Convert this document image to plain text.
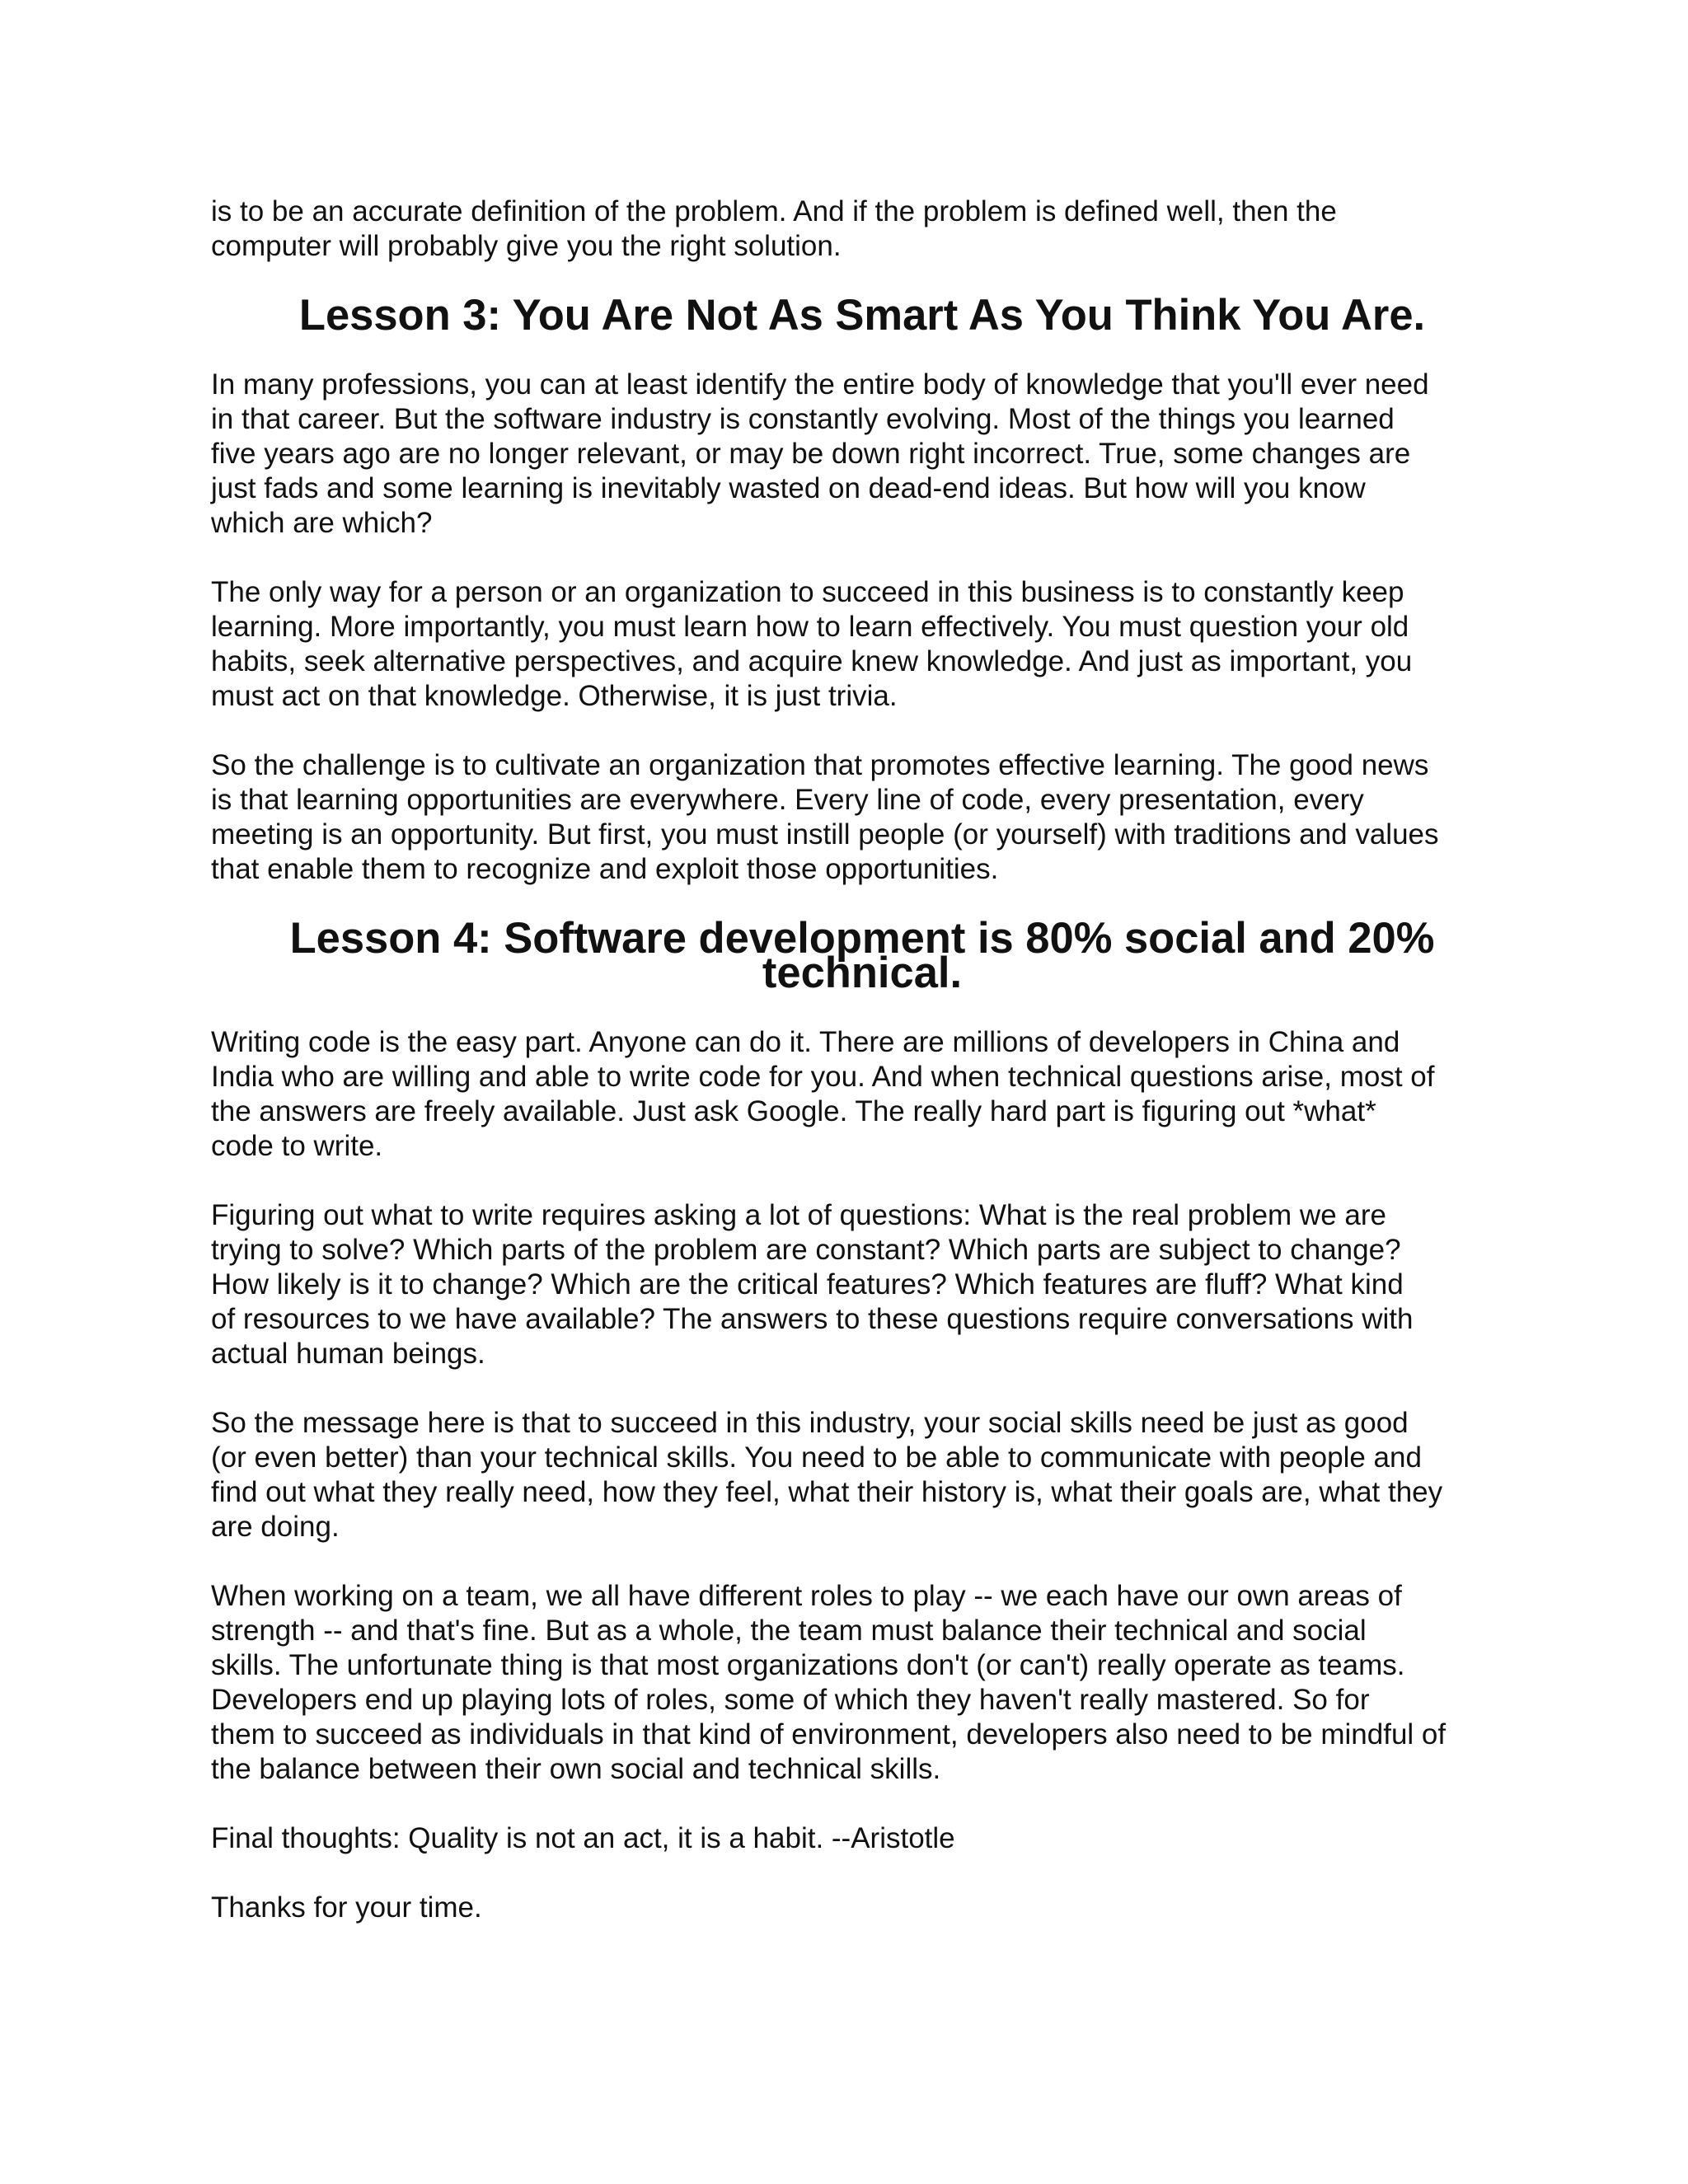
is to be an accurate definition of the problem. And if the problem is defined well, then the
computer will probably give you the right solution.

Lesson 3: You Are Not As Smart As You Think You Are.

In many professions, you can at least identify the entire body of knowledge that you'll ever need
in that career. But the software industry is constantly evolving. Most of the things you learned
five years ago are no longer relevant, or may be down right incorrect. True, some changes are
just fads and some learning is inevitably wasted on dead-end ideas. But how will you know
which are which?

The only way for a person or an organization to succeed in this business is to constantly keep
learning. More importantly, you must learn how to learn effectively. You must question your old
habits, seek alternative perspectives, and acquire knew knowledge. And just as important, you
must act on that knowledge. Otherwise, it is just trivia.

So the challenge is to cultivate an organization that promotes effective learning. The good news
is that learning opportunities are everywhere. Every line of code, every presentation, every
meeting is an opportunity. But first, you must instill people (or yourself) with traditions and values
that enable them to recognize and exploit those opportunities.

Lesson 4: Software development is 80% social and 20% technical.

Writing code is the easy part. Anyone can do it. There are millions of developers in China and
India who are willing and able to write code for you. And when technical questions arise, most of
the answers are freely available. Just ask Google. The really hard part is figuring out *what*
code to write.

Figuring out what to write requires asking a lot of questions: What is the real problem we are
trying to solve? Which parts of the problem are constant? Which parts are subject to change?
How likely is it to change? Which are the critical features? Which features are fluff? What kind
of resources to we have available? The answers to these questions require conversations with
actual human beings.

So the message here is that to succeed in this industry, your social skills need be just as good
(or even better) than your technical skills. You need to be able to communicate with people and
find out what they really need, how they feel, what their history is, what their goals are, what they
are doing.

When working on a team, we all have different roles to play -- we each have our own areas of
strength -- and that's fine. But as a whole, the team must balance their technical and social
skills. The unfortunate thing is that most organizations don't (or can't) really operate as teams.
Developers end up playing lots of roles, some of which they haven't really mastered. So for
them to succeed as individuals in that kind of environment, developers also need to be mindful of
the balance between their own social and technical skills.

Final thoughts: Quality is not an act, it is a habit. --Aristotle

Thanks for your time.
